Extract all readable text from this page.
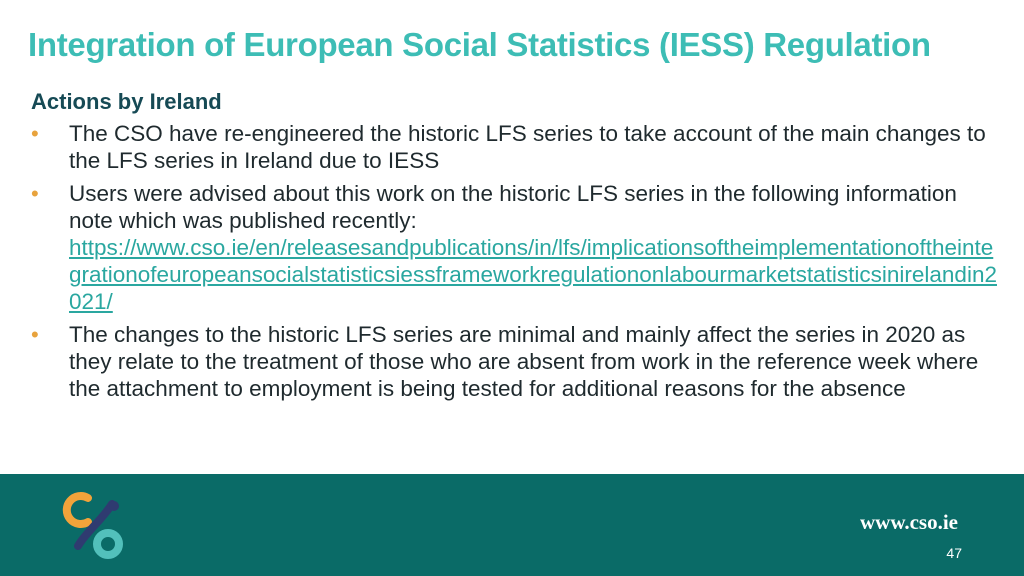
Integration of European Social Statistics (IESS) Regulation
Actions by Ireland
• The CSO have re-engineered the historic LFS series to take account of the main changes to the LFS series in Ireland due to IESS
• Users were advised about this work on the historic LFS series in the following information note which was published recently:
https://www.cso.ie/en/releasesandpublications/in/lfs/implicationsoftheimplementationoftheintegrationofeuropeansocialstatisticsiessframeworkregulationonlabourmarketstatisticsinirelandin2021/
• The changes to the historic LFS series are minimal and mainly affect the series in 2020 as they relate to the treatment of those who are absent from work in the reference week where the attachment to employment is being tested for additional reasons for the absence
www.cso.ie
47
